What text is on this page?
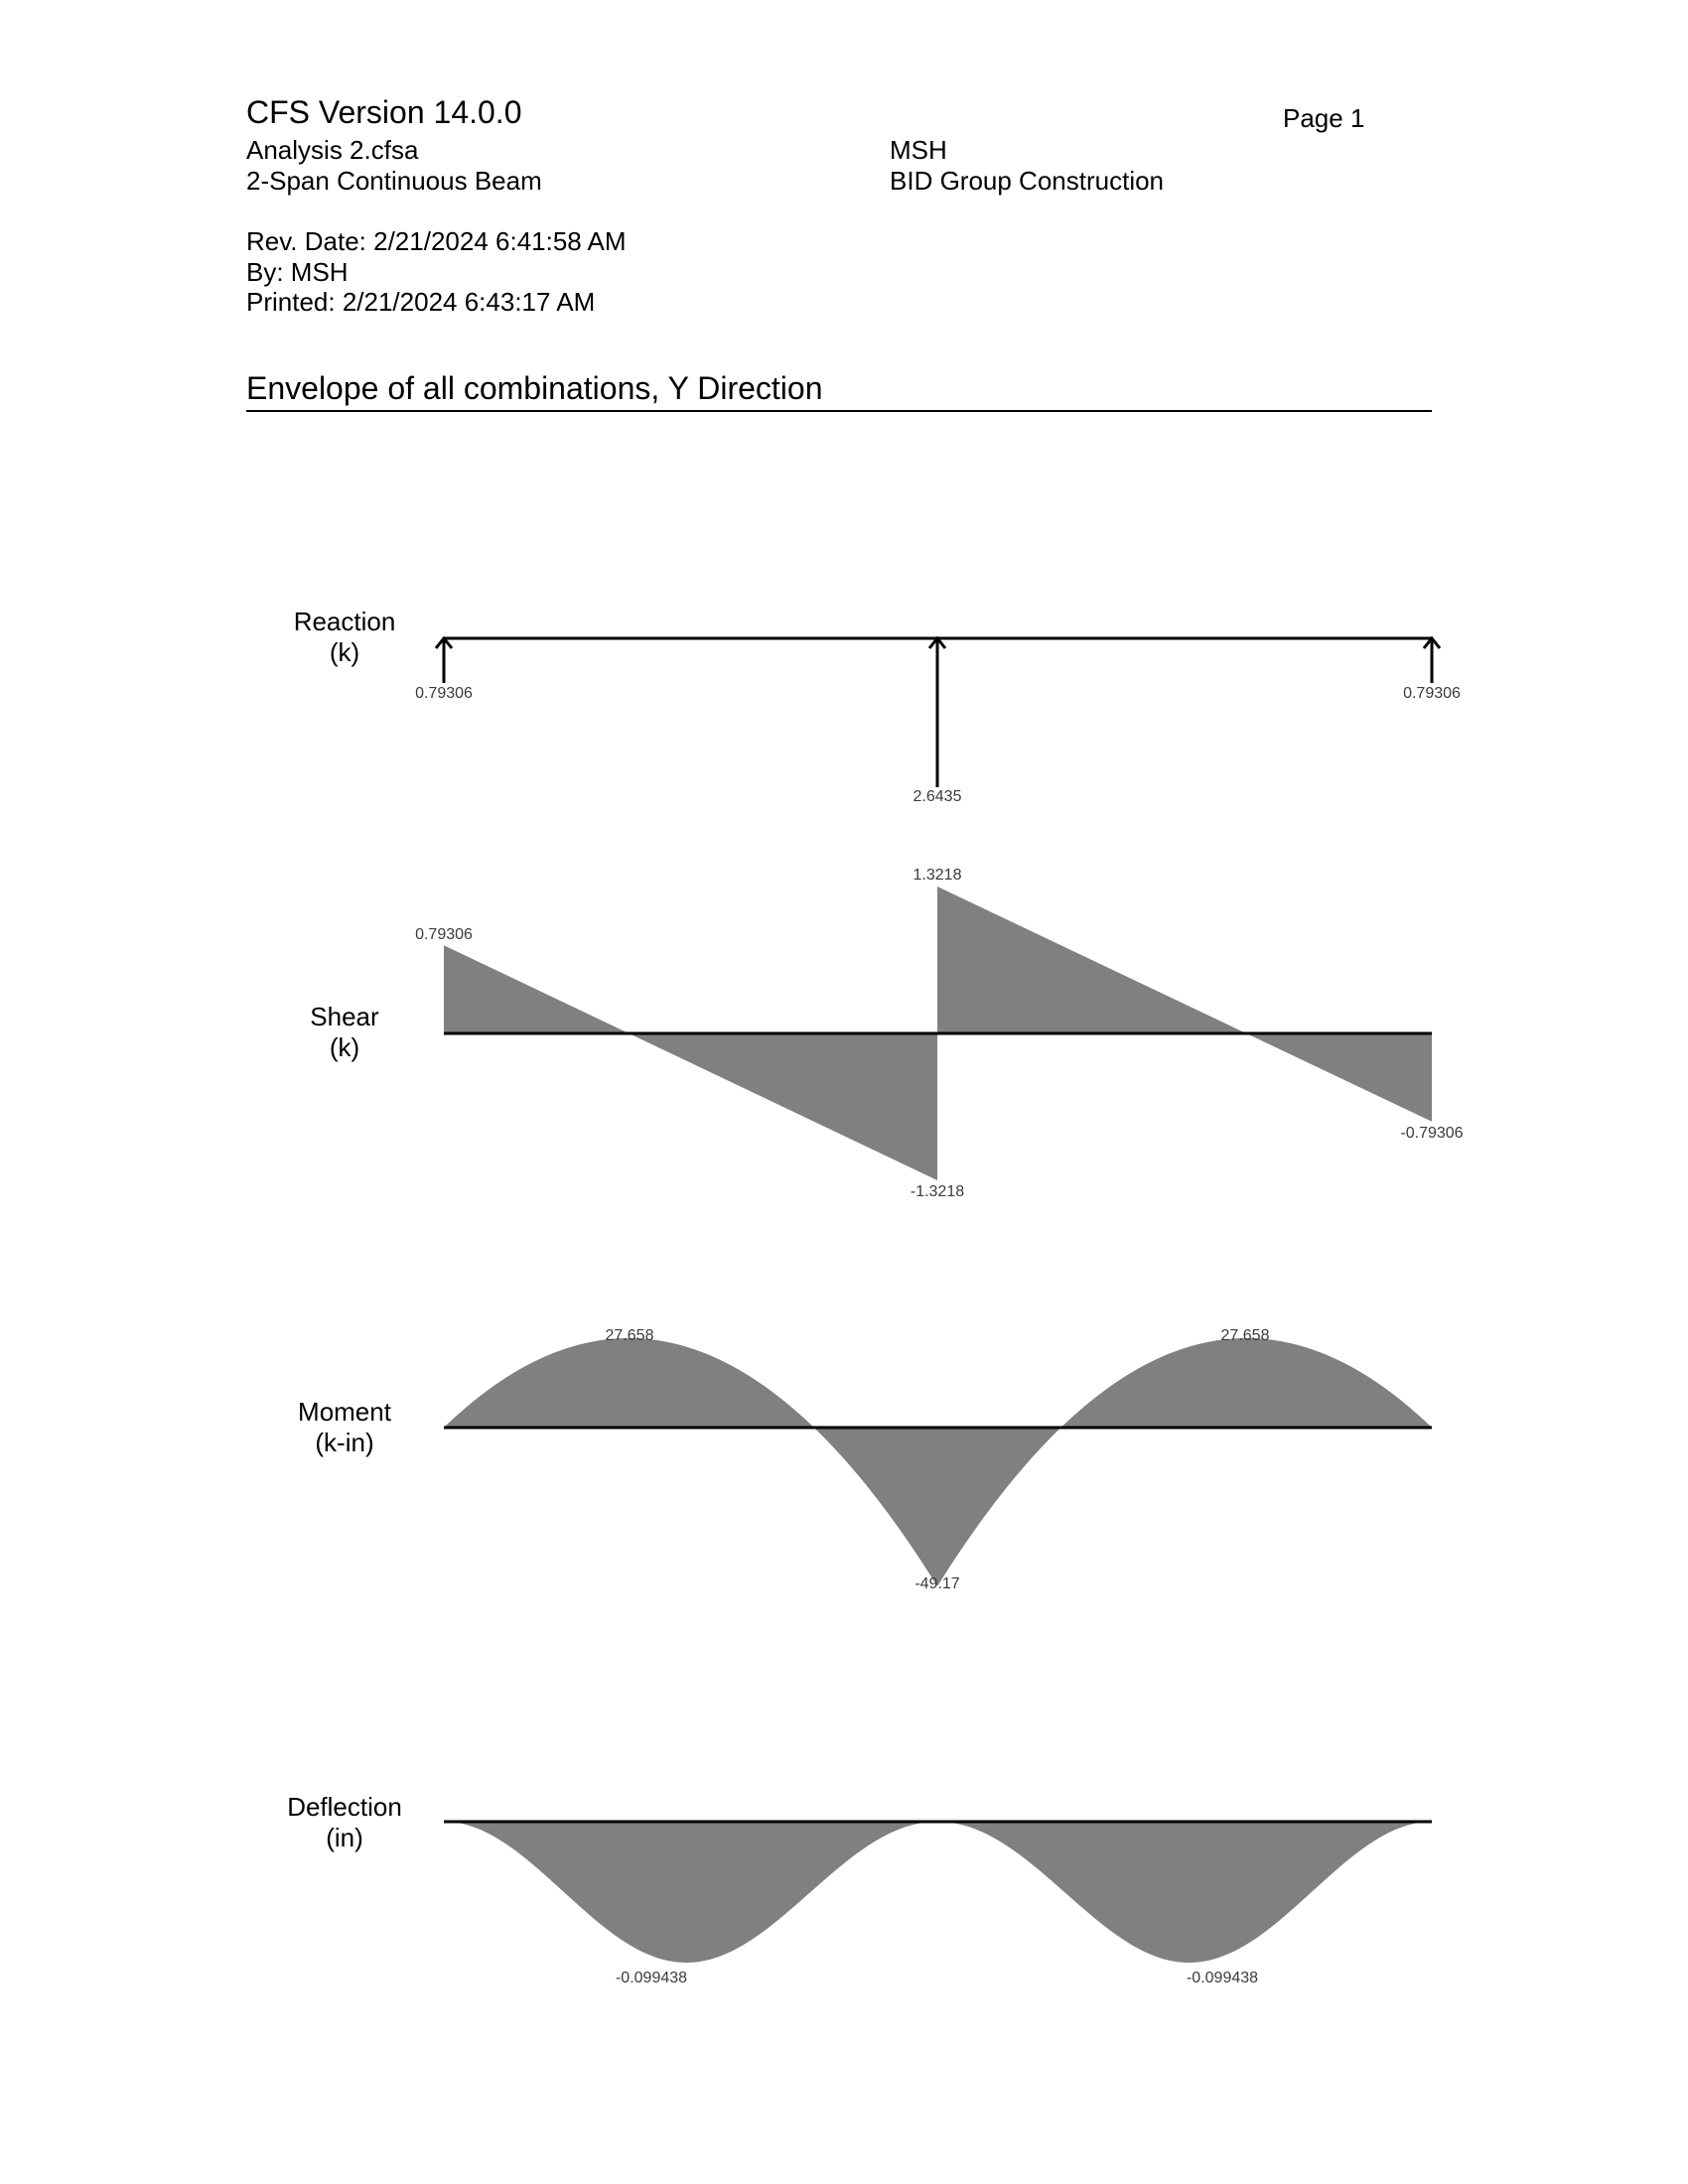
CFS Version 14.0.0	Page 1
Analysis 2.cfsa	MSH
2-Span Continuous Beam	BID Group Construction
Rev. Date: 2/21/2024 6:41:58 AM
By: MSH
Printed: 2/21/2024 6:43:17 AM
Envelope of all combinations, Y Direction
Reaction
(k)
Shear
(k)
Moment
(k-in)
Deflection
(in)
0.79306
2.6435
0.79306
0.79306
-1.3218
1.3218
-0.79306
27.658	27.658
-49.17
-0.099438	-0.099438
